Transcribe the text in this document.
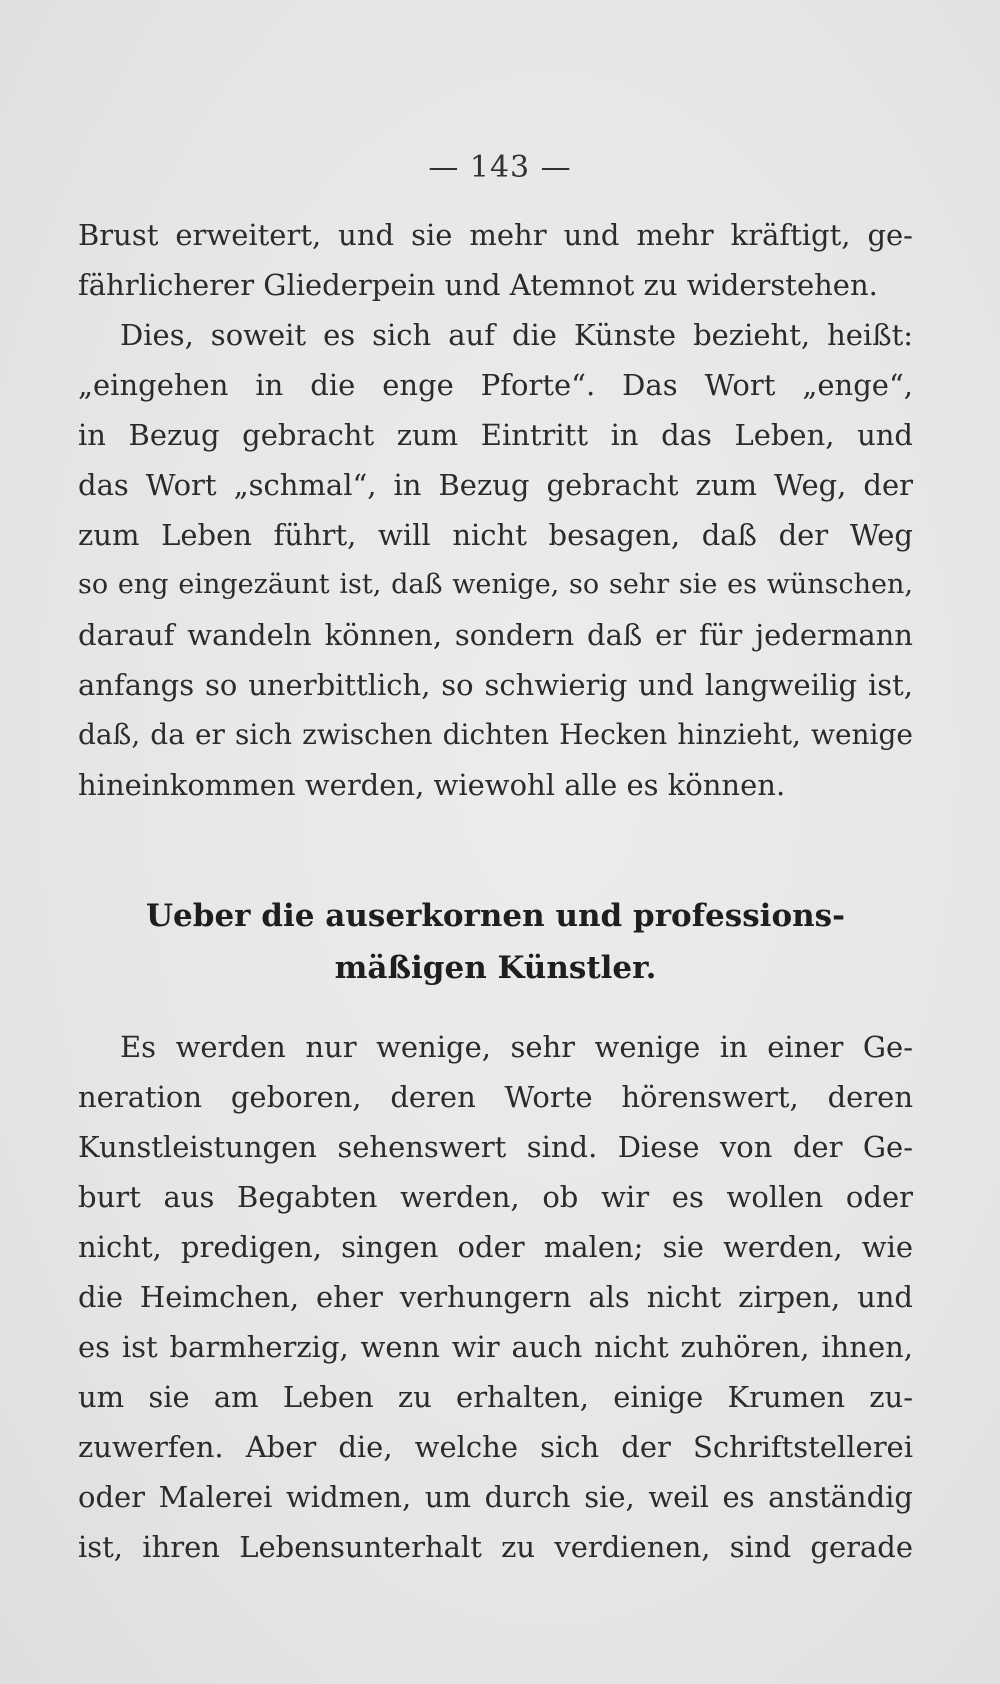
— 143 —
Brust erweitert, und sie mehr und mehr kräftigt, ge-
fährlicherer Gliederpein und Atemnot zu widerstehen.
Dies, soweit es sich auf die Künste bezieht, heißt:
„eingehen in die enge Pforte“. Das Wort „enge“,
in Bezug gebracht zum Eintritt in das Leben, und
das Wort „schmal“, in Bezug gebracht zum Weg, der
zum Leben führt, will nicht besagen, daß der Weg
so eng eingezäunt ist, daß wenige, so sehr sie es wünschen,
darauf wandeln können, sondern daß er für jedermann
anfangs so unerbittlich, so schwierig und langweilig ist,
daß, da er sich zwischen dichten Hecken hinzieht, wenige
hineinkommen werden, wiewohl alle es können.
Ueber die auserkornen und professions-
mäßigen Künstler.
Es werden nur wenige, sehr wenige in einer Ge-
neration geboren, deren Worte hörenswert, deren
Kunstleistungen sehenswert sind. Diese von der Ge-
burt aus Begabten werden, ob wir es wollen oder
nicht, predigen, singen oder malen; sie werden, wie
die Heimchen, eher verhungern als nicht zirpen, und
es ist barmherzig, wenn wir auch nicht zuhören, ihnen,
um sie am Leben zu erhalten, einige Krumen zu-
zuwerfen. Aber die, welche sich der Schriftstellerei
oder Malerei widmen, um durch sie, weil es anständig
ist, ihren Lebensunterhalt zu verdienen, sind gerade
